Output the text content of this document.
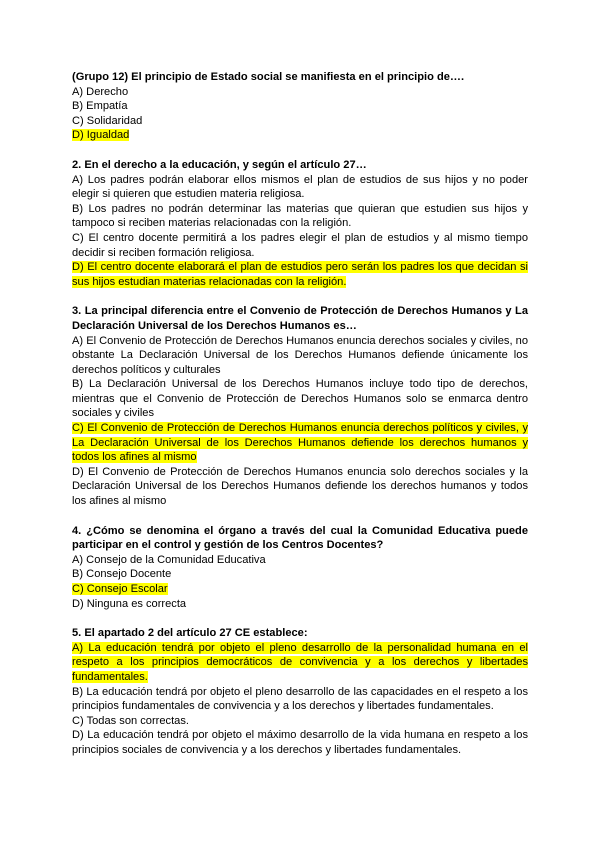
(Grupo 12) El principio de Estado social se manifiesta en el principio de….
A) Derecho
B) Empatía
C) Solidaridad
D) Igualdad
2. En el derecho a la educación, y según el artículo 27…
A) Los padres podrán elaborar ellos mismos el plan de estudios de sus hijos y no poder elegir si quieren que estudien materia religiosa.
B) Los padres no podrán determinar las materias que quieran que estudien sus hijos y tampoco si reciben materias relacionadas con la religión.
C) El centro docente permitirá a los padres elegir el plan de estudios y al mismo tiempo decidir si reciben formación religiosa.
D) El centro docente elaborará el plan de estudios pero serán los padres los que decidan si sus hijos estudian materias relacionadas con la religión.
3. La principal diferencia entre el Convenio de Protección de Derechos Humanos y La Declaración Universal de los Derechos Humanos es…
A) El Convenio de Protección de Derechos Humanos enuncia derechos sociales y civiles, no obstante La Declaración Universal de los Derechos Humanos defiende únicamente los derechos políticos y culturales
B) La Declaración Universal de los Derechos Humanos incluye todo tipo de derechos, mientras que el Convenio de Protección de Derechos Humanos solo se enmarca dentro sociales y civiles
C) El Convenio de Protección de Derechos Humanos enuncia derechos políticos y civiles, y La Declaración Universal de los Derechos Humanos defiende los derechos humanos y todos los afines al mismo
D) El Convenio de Protección de Derechos Humanos enuncia solo derechos sociales y la Declaración Universal de los Derechos Humanos defiende los derechos humanos y todos los afines al mismo
4. ¿Cómo se denomina el órgano a través del cual la Comunidad Educativa puede participar en el control y gestión de los Centros Docentes?
A) Consejo de la Comunidad Educativa
B) Consejo Docente
C) Consejo Escolar
D) Ninguna es correcta
5. El apartado 2 del artículo 27 CE establece:
A) La educación tendrá por objeto el pleno desarrollo de la personalidad humana en el respeto a los principios democráticos de convivencia y a los derechos y libertades fundamentales.
B) La educación tendrá por objeto el pleno desarrollo de las capacidades en el respeto a los principios fundamentales de convivencia y a los derechos y libertades fundamentales.
C) Todas son correctas.
D) La educación tendrá por objeto el máximo desarrollo de la vida humana en respeto a los principios sociales de convivencia y a los derechos y libertades fundamentales.
